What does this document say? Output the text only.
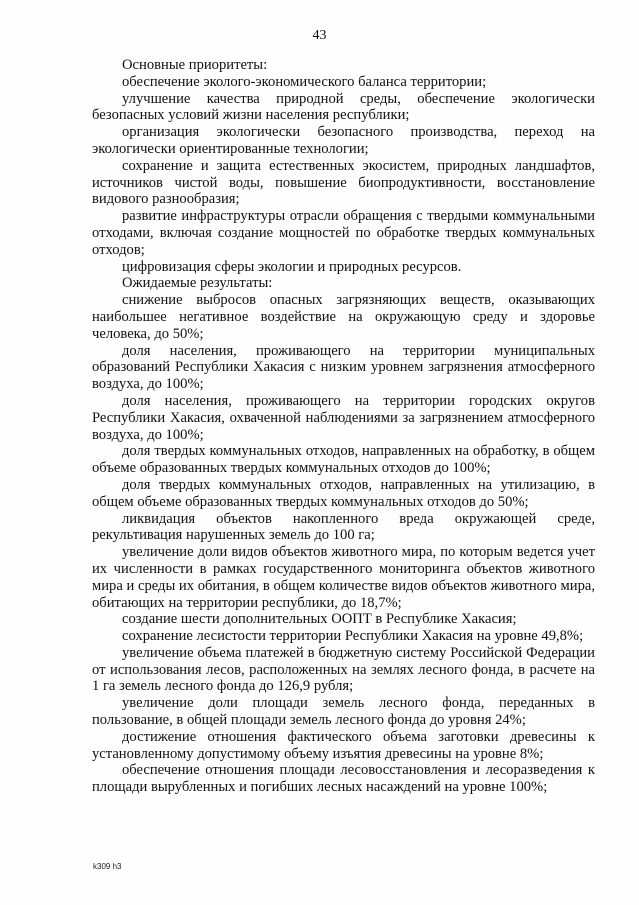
43

Основные приоритеты:

обеспечение эколого-экономического баланса территории;

улучшение качества природной среды, обеспечение экологически безопасных условий жизни населения республики;

организация экологически безопасного производства, переход на экологически ориентированные технологии;

сохранение и защита естественных экосистем, природных ландшафтов, источников чистой воды, повышение биопродуктивности, восстановление видового разнообразия;

развитие инфраструктуры отрасли обращения с твердыми коммунальными отходами, включая создание мощностей по обработке твердых коммунальных отходов;

цифровизация сферы экологии и природных ресурсов.

Ожидаемые результаты:

снижение выбросов опасных загрязняющих веществ, оказывающих наибольшее негативное воздействие на окружающую среду и здоровье человека, до 50%;

доля населения, проживающего на территории муниципальных образований Республики Хакасия с низким уровнем загрязнения атмосферного воздуха, до 100%;

доля населения, проживающего на территории городских округов Республики Хакасия, охваченной наблюдениями за загрязнением атмосферного воздуха, до 100%;

доля твердых коммунальных отходов, направленных на обработку, в общем объеме образованных твердых коммунальных отходов до 100%;

доля твердых коммунальных отходов, направленных на утилизацию, в общем объеме образованных твердых коммунальных отходов до 50%;

ликвидация объектов накопленного вреда окружающей среде, рекультивация нарушенных земель до 100 га;

увеличение доли видов объектов животного мира, по которым ведется учет их численности в рамках государственного мониторинга объектов животного мира и среды их обитания, в общем количестве видов объектов животного мира, обитающих на территории республики, до 18,7%;

создание шести дополнительных ООПТ в Республике Хакасия;

сохранение лесистости территории Республики Хакасия на уровне 49,8%;

увеличение объема платежей в бюджетную систему Российской Федерации от использования лесов, расположенных на землях лесного фонда, в расчете на 1 га земель лесного фонда до 126,9 рубля;

увеличение доли площади земель лесного фонда, переданных в пользование, в общей площади земель лесного фонда до уровня 24%;

достижение отношения фактического объема заготовки древесины к установленному допустимому объему изъятия древесины на уровне 8%;

обеспечение отношения площади лесовосстановления и лесоразведения к площади вырубленных и погибших лесных насаждений на уровне 100%;

k309 h3
